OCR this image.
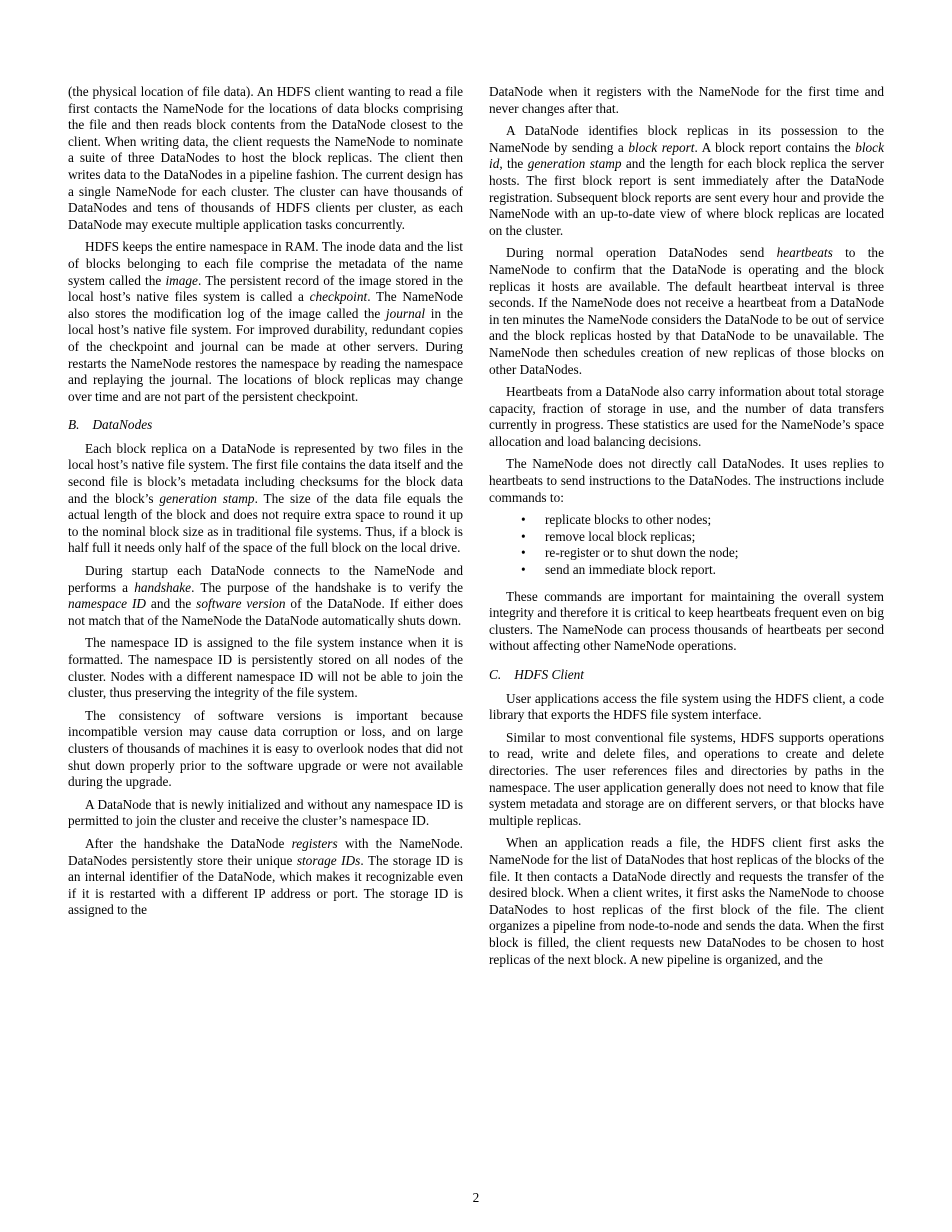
(the physical location of file data). An HDFS client wanting to read a file first contacts the NameNode for the locations of data blocks comprising the file and then reads block contents from the DataNode closest to the client. When writing data, the client requests the NameNode to nominate a suite of three DataNodes to host the block replicas. The client then writes data to the DataNodes in a pipeline fashion. The current design has a single NameNode for each cluster. The cluster can have thousands of DataNodes and tens of thousands of HDFS clients per cluster, as each DataNode may execute multiple application tasks concurrently.

HDFS keeps the entire namespace in RAM. The inode data and the list of blocks belonging to each file comprise the metadata of the name system called the image. The persistent record of the image stored in the local host’s native files system is called a checkpoint. The NameNode also stores the modification log of the image called the journal in the local host’s native file system. For improved durability, redundant copies of the checkpoint and journal can be made at other servers. During restarts the NameNode restores the namespace by reading the namespace and replaying the journal. The locations of block replicas may change over time and are not part of the persistent checkpoint.

B. DataNodes

Each block replica on a DataNode is represented by two files in the local host’s native file system. The first file contains the data itself and the second file is block’s metadata including checksums for the block data and the block’s generation stamp. The size of the data file equals the actual length of the block and does not require extra space to round it up to the nominal block size as in traditional file systems. Thus, if a block is half full it needs only half of the space of the full block on the local drive.

During startup each DataNode connects to the NameNode and performs a handshake. The purpose of the handshake is to verify the namespace ID and the software version of the DataNode. If either does not match that of the NameNode the DataNode automatically shuts down.

The namespace ID is assigned to the file system instance when it is formatted. The namespace ID is persistently stored on all nodes of the cluster. Nodes with a different namespace ID will not be able to join the cluster, thus preserving the integrity of the file system.

The consistency of software versions is important because incompatible version may cause data corruption or loss, and on large clusters of thousands of machines it is easy to overlook nodes that did not shut down properly prior to the software upgrade or were not available during the upgrade.

A DataNode that is newly initialized and without any namespace ID is permitted to join the cluster and receive the cluster’s namespace ID.

After the handshake the DataNode registers with the NameNode. DataNodes persistently store their unique storage IDs. The storage ID is an internal identifier of the DataNode, which makes it recognizable even if it is restarted with a different IP address or port. The storage ID is assigned to the

DataNode when it registers with the NameNode for the first time and never changes after that.

A DataNode identifies block replicas in its possession to the NameNode by sending a block report. A block report contains the block id, the generation stamp and the length for each block replica the server hosts. The first block report is sent immediately after the DataNode registration. Subsequent block reports are sent every hour and provide the NameNode with an up-to-date view of where block replicas are located on the cluster.

During normal operation DataNodes send heartbeats to the NameNode to confirm that the DataNode is operating and the block replicas it hosts are available. The default heartbeat interval is three seconds. If the NameNode does not receive a heartbeat from a DataNode in ten minutes the NameNode considers the DataNode to be out of service and the block replicas hosted by that DataNode to be unavailable. The NameNode then schedules creation of new replicas of those blocks on other DataNodes.

Heartbeats from a DataNode also carry information about total storage capacity, fraction of storage in use, and the number of data transfers currently in progress. These statistics are used for the NameNode’s space allocation and load balancing decisions.

The NameNode does not directly call DataNodes. It uses replies to heartbeats to send instructions to the DataNodes. The instructions include commands to:

• replicate blocks to other nodes;
• remove local block replicas;
• re-register or to shut down the node;
• send an immediate block report.

These commands are important for maintaining the overall system integrity and therefore it is critical to keep heartbeats frequent even on big clusters. The NameNode can process thousands of heartbeats per second without affecting other NameNode operations.

C. HDFS Client

User applications access the file system using the HDFS client, a code library that exports the HDFS file system interface.

Similar to most conventional file systems, HDFS supports operations to read, write and delete files, and operations to create and delete directories. The user references files and directories by paths in the namespace. The user application generally does not need to know that file system metadata and storage are on different servers, or that blocks have multiple replicas.

When an application reads a file, the HDFS client first asks the NameNode for the list of DataNodes that host replicas of the blocks of the file. It then contacts a DataNode directly and requests the transfer of the desired block. When a client writes, it first asks the NameNode to choose DataNodes to host replicas of the first block of the file. The client organizes a pipeline from node-to-node and sends the data. When the first block is filled, the client requests new DataNodes to be chosen to host replicas of the next block. A new pipeline is organized, and the

2
